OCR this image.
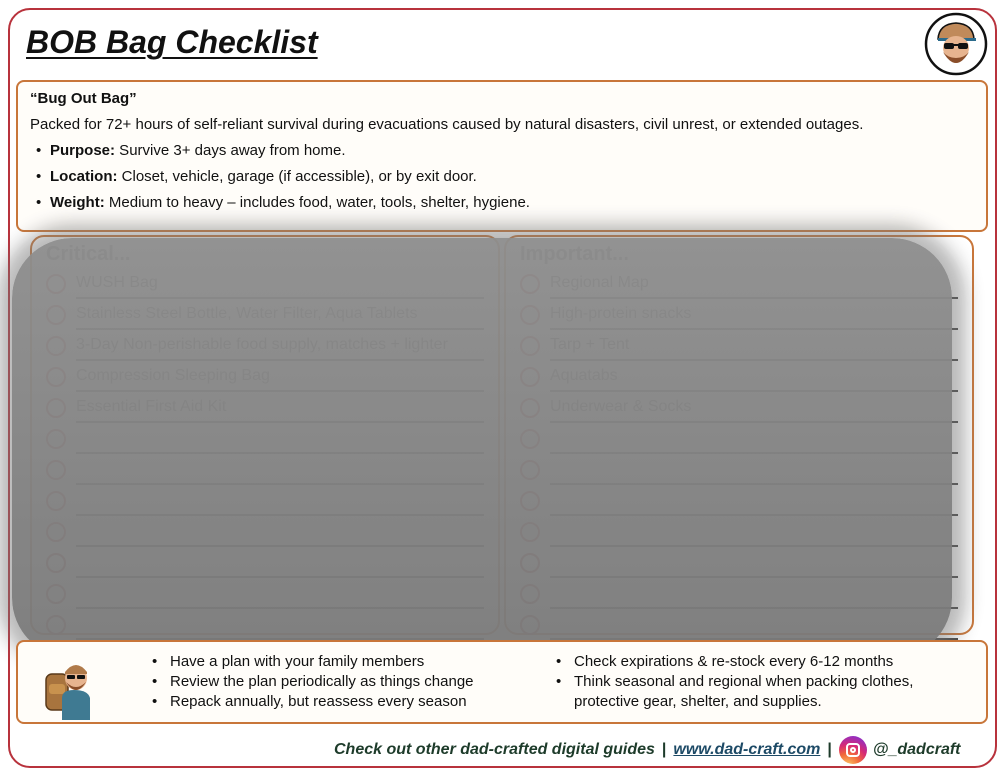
BOB Bag Checklist
“Bug Out Bag”
Packed for 72+ hours of self-reliant survival during evacuations caused by natural disasters, civil unrest, or extended outages.
• Purpose: Survive 3+ days away from home.
• Location: Closet, vehicle, garage (if accessible), or by exit door.
• Weight: Medium to heavy – includes food, water, tools, shelter, hygiene.
• Have a plan with your family members
• Review the plan periodically as things change
• Repack annually, but reassess every season
• Check expirations & re-stock every 6-12 months
• Think seasonal and regional when packing clothes, protective gear, shelter, and supplies.
Check out other dad-crafted digital guides | www.dad-craft.com |	@_dadcraft
